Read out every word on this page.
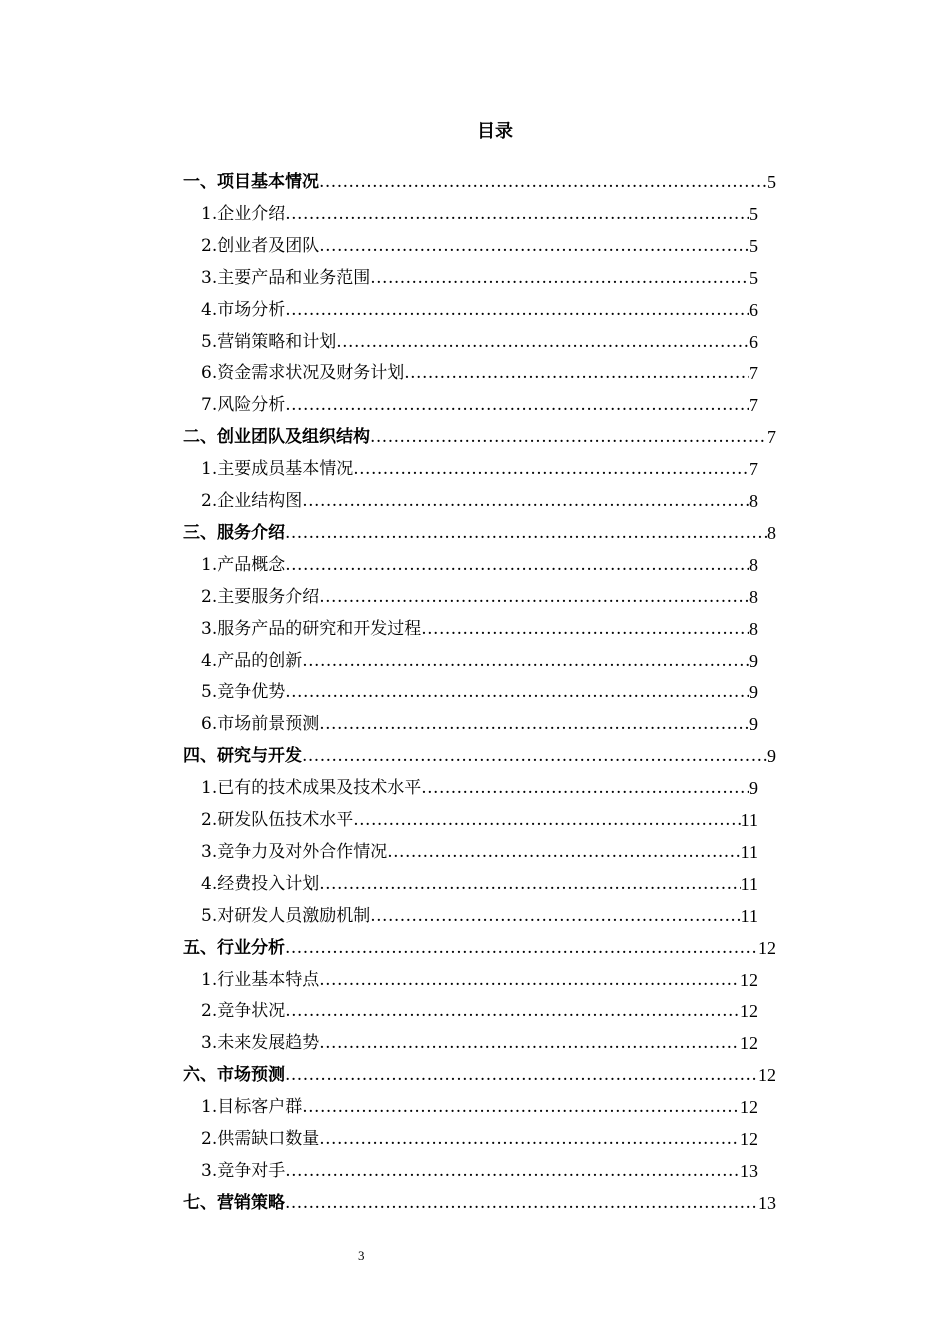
目录
一、项目基本情况 .....	5
1.企业介绍 .....	5
2.创业者及团队 .....	5
3.主要产品和业务范围 .....	5
4.市场分析 .....	6
5.营销策略和计划 .....	6
6.资金需求状况及财务计划 .....	7
7.风险分析 .....	7
二、创业团队及组织结构 .....	7
1.主要成员基本情况 .....	7
2.企业结构图 .....	8
三、服务介绍 .....	8
1.产品概念 .....	8
2.主要服务介绍 .....	8
3.服务产品的研究和开发过程 .....	8
4.产品的创新 .....	9
5.竞争优势 .....	9
6.市场前景预测 .....	9
四、研究与开发 .....	9
1.已有的技术成果及技术水平 .....	9
2.研发队伍技术水平 .....	11
3.竞争力及对外合作情况 .....	11
4.经费投入计划 .....	11
5.对研发人员激励机制 .....	11
五、行业分析 .....	12
1.行业基本特点 .....	12
2.竞争状况 .....	12
3.未来发展趋势 .....	12
六、市场预测 .....	12
1.目标客户群 .....	12
2.供需缺口数量 .....	12
3.竞争对手 .....	13
七、营销策略 .....	13
3
